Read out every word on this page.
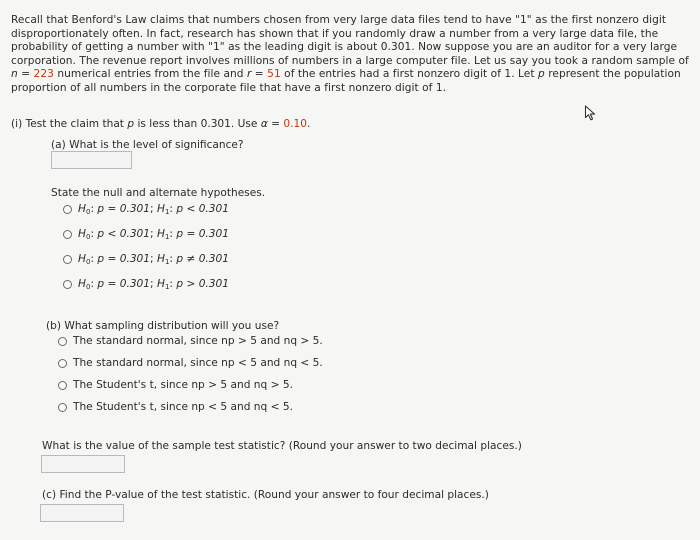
Recall that Benford's Law claims that numbers chosen from very large data files tend to have "1" as the first nonzero digit disproportionately often. In fact, research has shown that if you randomly draw a number from a very large data file, the probability of getting a number with "1" as the leading digit is about 0.301. Now suppose you are an auditor for a very large corporation. The revenue report involves millions of numbers in a large computer file. Let us say you took a random sample of n = 223 numerical entries from the file and r = 51 of the entries had a first nonzero digit of 1. Let p represent the population proportion of all numbers in the corporate file that have a first nonzero digit of 1.

(i) Test the claim that p is less than 0.301. Use α = 0.10.
(a) What is the level of significance?
State the null and alternate hypotheses.
$H_0$: p = 0.301; $H_1$: p < 0.301
$H_0$: p < 0.301; $H_1$: p = 0.301
$H_0$: p = 0.301; $H_1$: p ≠ 0.301
$H_0$: p = 0.301; $H_1$: p > 0.301
(b) What sampling distribution will you use?
The standard normal, since np > 5 and nq > 5.
The standard normal, since np < 5 and nq < 5.
The Student's t, since np > 5 and nq > 5.
The Student's t, since np < 5 and nq < 5.
What is the value of the sample test statistic? (Round your answer to two decimal places.)
(c) Find the P-value of the test statistic. (Round your answer to four decimal places.)
